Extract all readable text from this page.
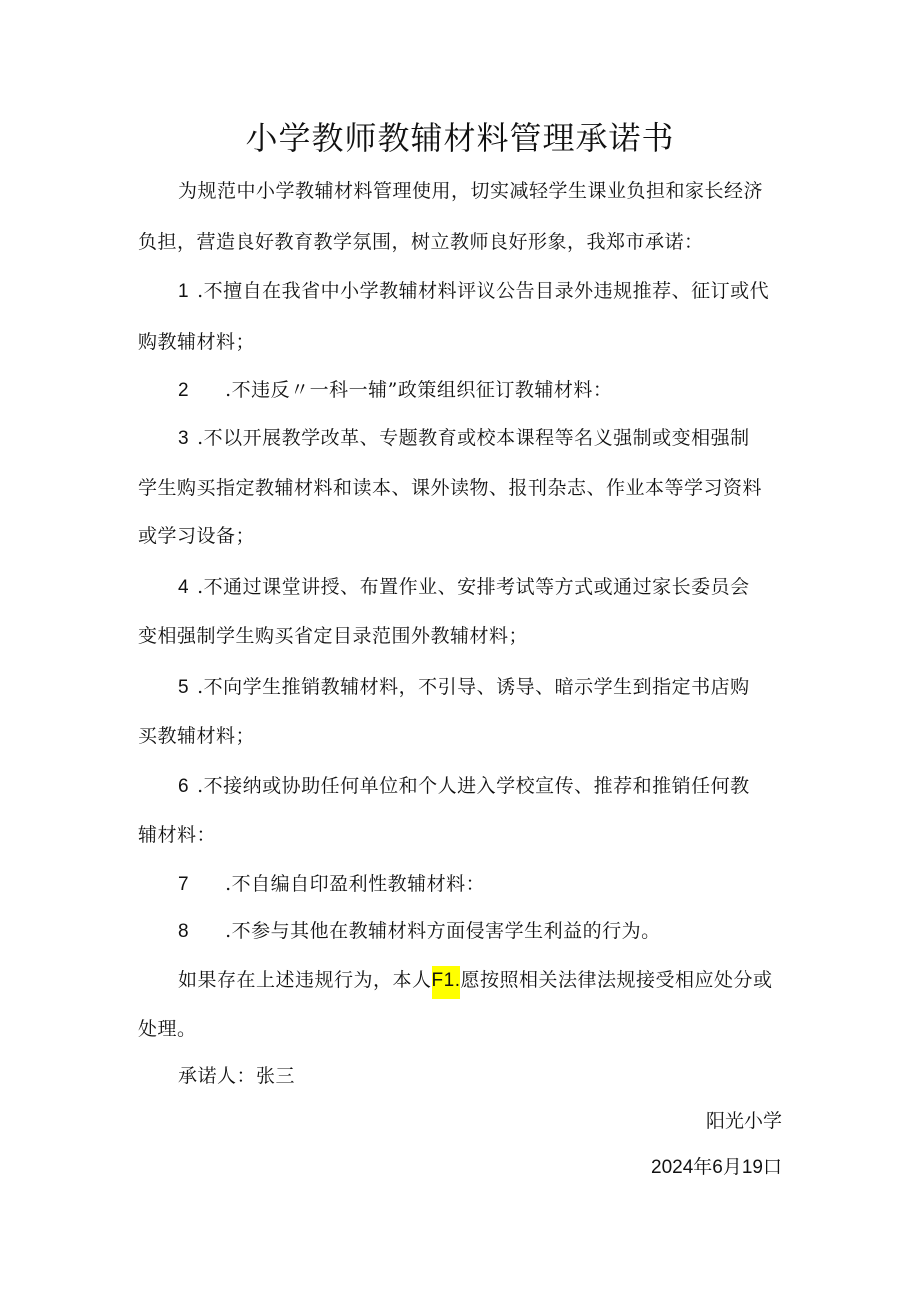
小学教师教辅材料管理承诺书
为规范中小学教辅材料管理使用，切实减轻学生课业负担和家长经济
负担，营造良好教育教学氛围，树立教师良好形象，我郑市承诺：
1 .不擅自在我省中小学教辅材料评议公告目录外违规推荐、征订或代
购教辅材料；
2 .不违反〃一科一辅”政策组织征订教辅材料：
3 .不以开展教学改革、专题教育或校本课程等名义强制或变相强制
学生购买指定教辅材料和读本、课外读物、报刊杂志、作业本等学习资料
或学习设备；
4 .不通过课堂讲授、布置作业、安排考试等方式或通过家长委员会
变相强制学生购买省定目录范围外教辅材料；
5 .不向学生推销教辅材料，不引导、诱导、暗示学生到指定书店购
买教辅材料；
6 .不接纳或协助任何单位和个人进入学校宣传、推荐和推销任何教
辅材料：
7 .不自编自印盈利性教辅材料：
8 .不参与其他在教辅材料方面侵害学生利益的行为。
如果存在上述违规行为，本人F1.愿按照相关法律法规接受相应处分或
处理。
承诺人：张三
阳光小学
2024年6月19口
